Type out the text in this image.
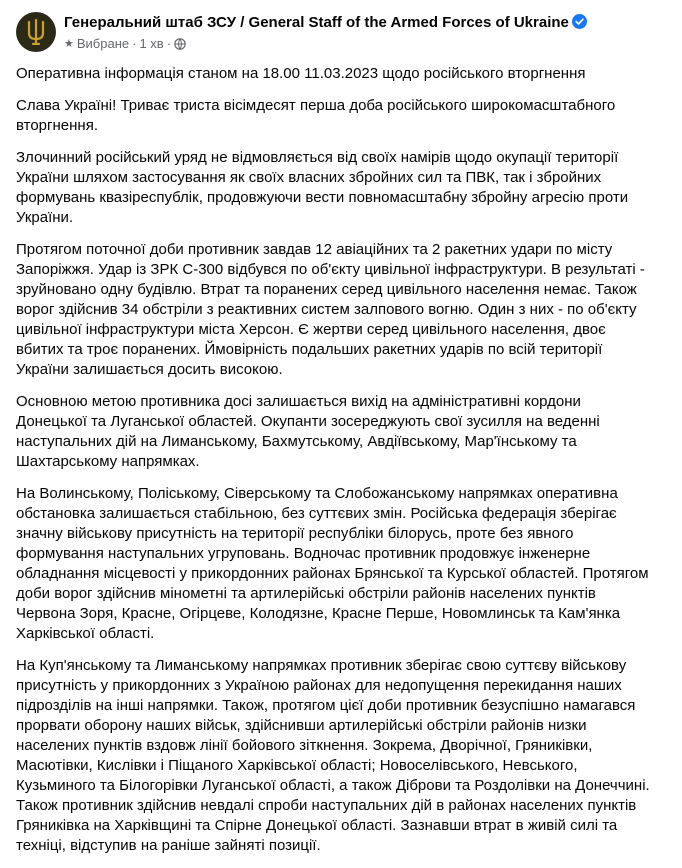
Генеральний штаб ЗСУ / General Staff of the Armed Forces of Ukraine
★ Вибране · 1 хв ·

Оперативна інформація станом на 18.00 11.03.2023 щодо російського вторгнення

Слава Україні! Триває триста вісімдесят перша доба російського широкомасштабного вторгнення.

Злочинний російський уряд не відмовляється від своїх намірів щодо окупації території України шляхом застосування як своїх власних збройних сил та ПВК, так і збройних формувань квазіреспублік, продовжуючи вести повномасштабну збройну агресію проти України.

Протягом поточної доби противник завдав 12 авіаційних та 2 ракетних удари по місту Запоріжжя. Удар із ЗРК С-300 відбувся по об'єкту цивільної інфраструктури. В результаті - зруйновано одну будівлю. Втрат та поранених серед цивільного населення немає. Також ворог здійснив 34 обстріли з реактивних систем залпового вогню. Один з них - по об'єкту цивільної інфраструктури міста Херсон. Є жертви серед цивільного населення, двоє вбитих та троє поранених. Ймовірність подальших ракетних ударів по всій території України залишається досить високою.

Основною метою противника досі залишається вихід на адміністративні кордони Донецької та Луганської областей. Окупанти зосереджують свої зусилля на веденні наступальних дій на Лиманському, Бахмутському, Авдіївському, Мар'їнському та Шахтарському напрямках.

На Волинському, Поліському, Сіверському та Слобожанському напрямках оперативна обстановка залишається стабільною, без суттєвих змін. Російська федерація зберігає значну військову присутність на території республіки білорусь, проте без явного формування наступальних угруповань. Водночас противник продовжує інженерне обладнання місцевості у прикордонних районах Брянської та Курської областей. Протягом доби ворог здійснив мінометні та артилерійські обстріли районів населених пунктів Червона Зоря, Красне, Огірцеве, Колодязне, Красне Перше, Новомлинськ та Кам'янка Харківської області.

На Куп'янському та Лиманському напрямках противник зберігає свою суттєву військову присутність у прикордонних з Україною районах для недопущення перекидання наших підрозділів на інші напрямки. Також, протягом цієї доби противник безуспішно намагався прорвати оборону наших військ, здійснивши артилерійські обстріли районів низки населених пунктів вздовж лінії бойового зіткнення. Зокрема, Дворічної, Гряниківки, Масютівки, Кислівки і Піщаного Харківської області; Новоселівського, Невського, Кузьминого та Білогорівки Луганської області, а також Діброви та Роздолівки на Донеччині. Також противник здійснив невдалі спроби наступальних дій в районах населених пунктів Гряниківка на Харківщині та Спірне Донецької області. Зазнавши втрат в живій силі та техніці, відступив на раніше зайняті позиції.
